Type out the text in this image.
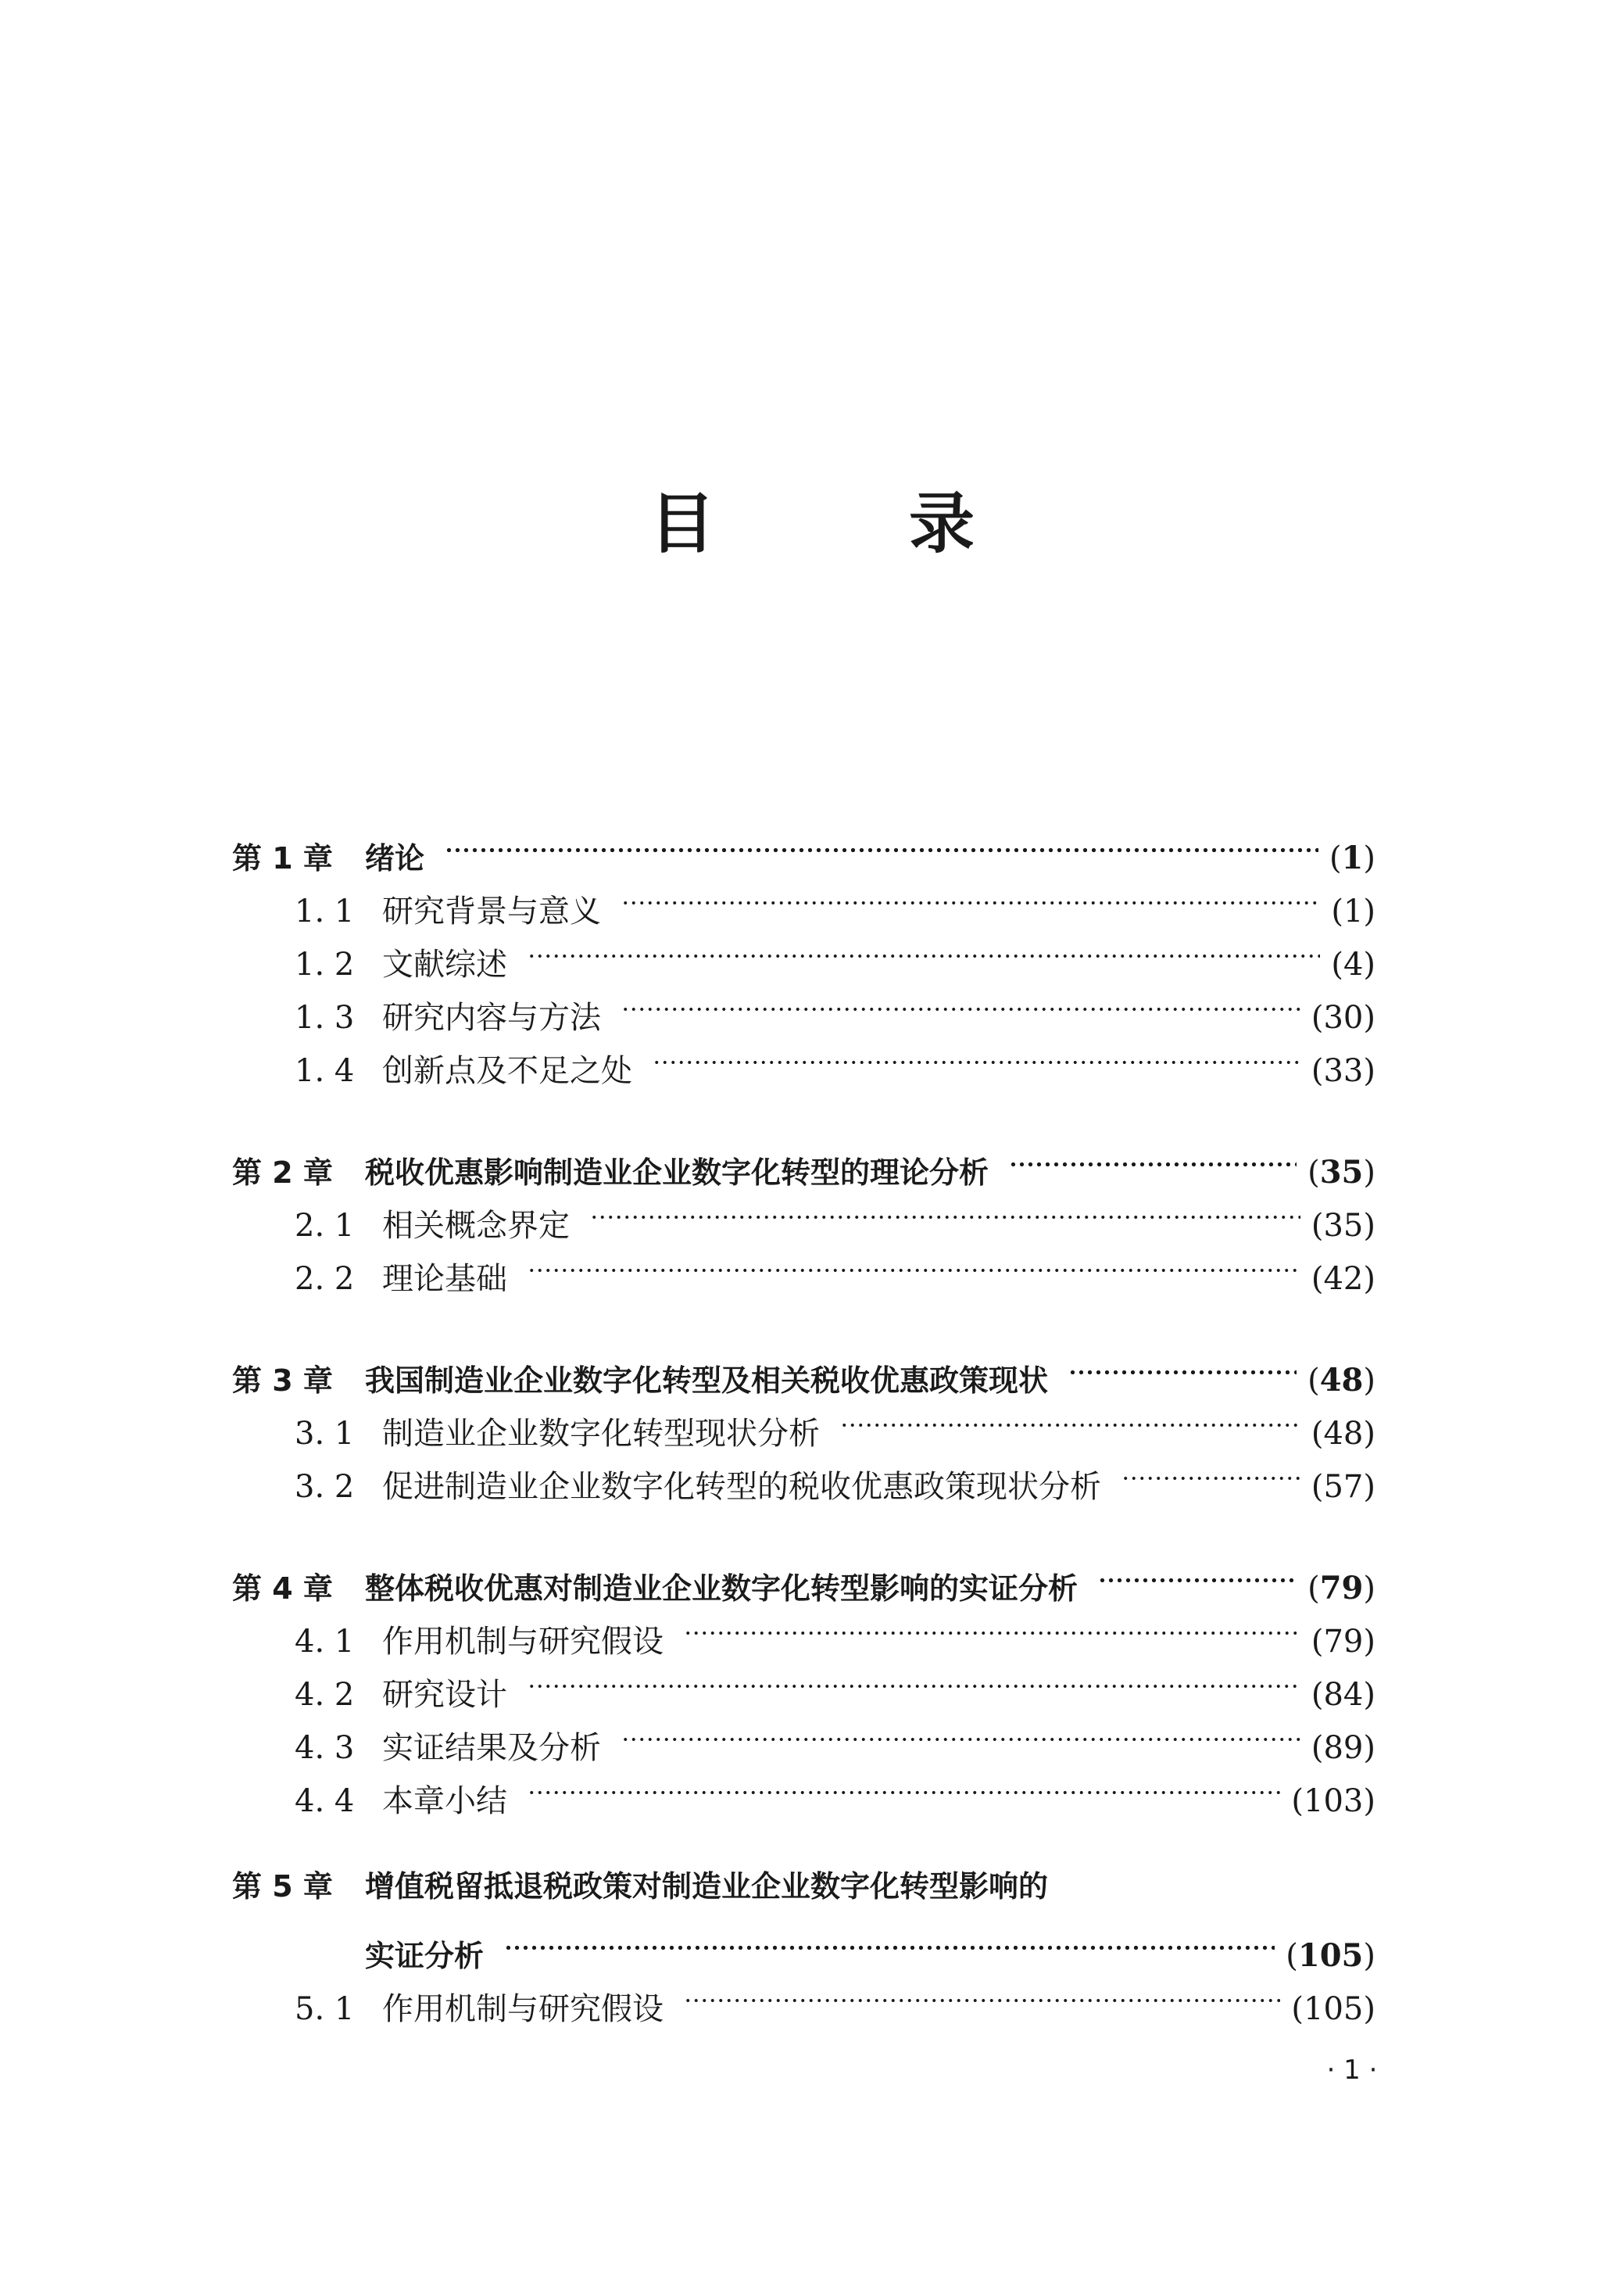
目　录
第 1 章	绪论	(1)
1. 1 研究背景与意义	(1)
1. 2 文献综述	(4)
1. 3 研究内容与方法	(30)
1. 4 创新点及不足之处	(33)
第 2 章	税收优惠影响制造业企业数字化转型的理论分析	(35)
2. 1 相关概念界定	(35)
2. 2 理论基础	(42)
第 3 章	我国制造业企业数字化转型及相关税收优惠政策现状	(48)
3. 1 制造业企业数字化转型现状分析	(48)
3. 2 促进制造业企业数字化转型的税收优惠政策现状分析	(57)
第 4 章	整体税收优惠对制造业企业数字化转型影响的实证分析	(79)
4. 1 作用机制与研究假设	(79)
4. 2 研究设计	(84)
4. 3 实证结果及分析	(89)
4. 4 本章小结	(103)
第 5 章	增值税留抵退税政策对制造业企业数字化转型影响的
实证分析	(105)
5. 1 作用机制与研究假设	(105)
· 1 ·
